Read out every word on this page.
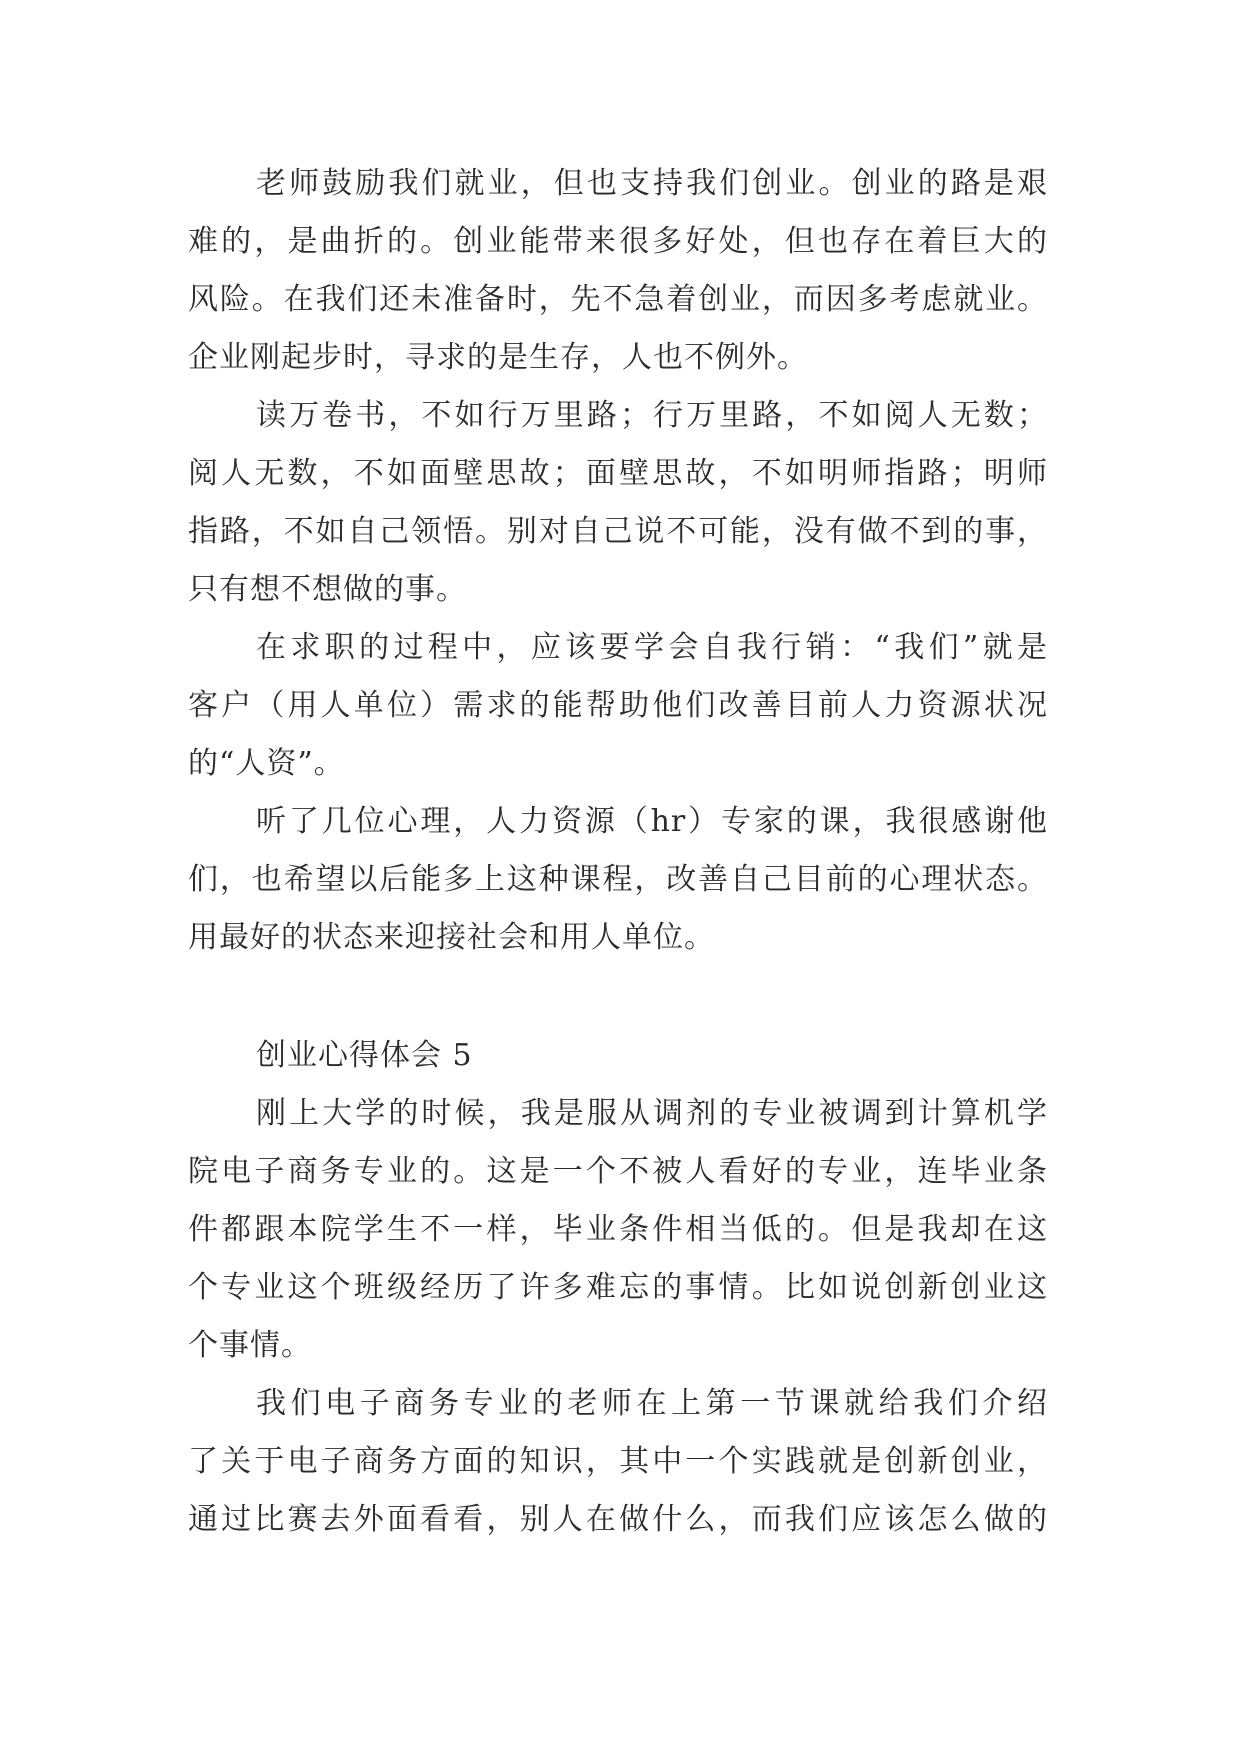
老师鼓励我们就业，但也支持我们创业。创业的路是艰
难的，是曲折的。创业能带来很多好处，但也存在着巨大的
风险。在我们还未准备时，先不急着创业，而因多考虑就业。
企业刚起步时，寻求的是生存，人也不例外。
读万卷书，不如行万里路；行万里路，不如阅人无数；
阅人无数，不如面壁思故；面壁思故，不如明师指路；明师
指路，不如自己领悟。别对自己说不可能，没有做不到的事，
只有想不想做的事。
在求职的过程中，应该要学会自我行销：“我们”就是
客户（用人单位）需求的能帮助他们改善目前人力资源状况
的“人资”。
听了几位心理，人力资源（hr）专家的课，我很感谢他
们，也希望以后能多上这种课程，改善自己目前的心理状态。
用最好的状态来迎接社会和用人单位。
创业心得体会 5
刚上大学的时候，我是服从调剂的专业被调到计算机学
院电子商务专业的。这是一个不被人看好的专业，连毕业条
件都跟本院学生不一样，毕业条件相当低的。但是我却在这
个专业这个班级经历了许多难忘的事情。比如说创新创业这
个事情。
我们电子商务专业的老师在上第一节课就给我们介绍
了关于电子商务方面的知识，其中一个实践就是创新创业，
通过比赛去外面看看，别人在做什么，而我们应该怎么做的
